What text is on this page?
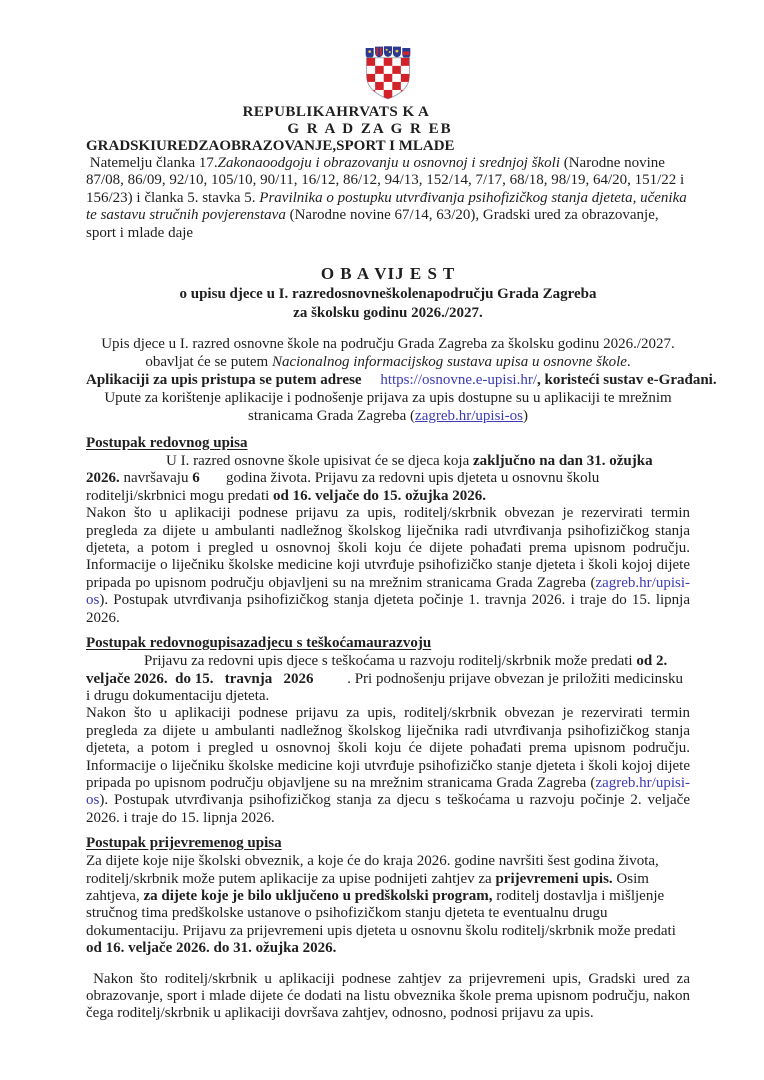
REPUBLIKAHRVATS K A
G R A D ZA G R EB
GRADSKIUREDZAOBRAZOVANJE,SPORT I MLADE

Natemelju članka 17.Zakonaoodgoju i obrazovanju u osnovnoj i srednjoj školi (Narodne novine 87/08, 86/09, 92/10, 105/10, 90/11, 16/12, 86/12, 94/13, 152/14, 7/17, 68/18, 98/19, 64/20, 151/22 i 156/23) i članka 5. stavka 5. Pravilnika o postupku utvrđivanja psihofizičkog stanja djeteta, učenika te sastavu stručnih povjerenstava (Narodne novine 67/14, 63/20), Gradski ured za obrazovanje, sport i mlade daje

O B A VIJ E S T
o upisu djece u I. razredosnovneškolenapodručju Grada Zagreba
za školsku godinu 2026./2027.
Upis djece u I. razred osnovne škole na području Grada Zagreba za školsku godinu 2026./2027.
obavljat će se putem Nacionalnog informacijskog sustava upisa u osnovne škole.
Aplikaciji za upis pristupa se putem adrese https://osnovne.e-upisi.hr/, koristeći sustav e-Građani.
Upute za korištenje aplikacije i podnošenje prijava za upis dostupne su u aplikaciji te mrežnim
stranicama Grada Zagreba (zagreb.hr/upisi-os)
Postupak redovnog upisa

U I. razred osnovne škole upisivat će se djeca koja zaključno na dan 31. ožujka 2026. navršavaju 6       godina života. Prijavu za redovni upis djeteta u osnovnu školu roditelji/skrbnici mogu predati od 16. veljače do 15. ožujka 2026.

Nakon što u aplikaciji podnese prijavu za upis, roditelj/skrbnik obvezan je rezervirati termin pregleda za dijete u ambulanti nadležnog školskog liječnika radi utvrđivanja psihofizičkog stanja djeteta, a potom i pregled u osnovnoj školi koju će dijete pohađati prema upisnom području. Informacije o liječniku školske medicine koji utvrđuje psihofizičko stanje djeteta i školi kojoj dijete pripada po upisnom području objavljeni su na mrežnim stranicama Grada Zagreba (zagreb.hr/upisi-os). Postupak utvrđivanja psihofizičkog stanja djeteta počinje 1. travnja 2026. i traje do 15. lipnja 2026.

Postupak redovnogupisazadjecu s teškoćamaurazvoju

Prijavu za redovni upis djece s teškoćama u razvoju roditelj/skrbnik može predati od 2. veljače 2026.  do 15.   travnja   2026         . Pri podnošenju prijave obvezan je priložiti medicinsku i drugu dokumentaciju djeteta.

Nakon što u aplikaciji podnese prijavu za upis, roditelj/skrbnik obvezan je rezervirati termin pregleda za dijete u ambulanti nadležnog školskog liječnika radi utvrđivanja psihofizičkog stanja djeteta, a potom i pregled u osnovnoj školi koju će dijete pohađati prema upisnom području. Informacije o liječniku školske medicine koji utvrđuje psihofizičko stanje djeteta i školi kojoj dijete pripada po upisnom području objavljene su na mrežnim stranicama Grada Zagreba (zagreb.hr/upisi-os). Postupak utvrđivanja psihofizičkog stanja za djecu s teškoćama u razvoju počinje 2. veljače 2026. i traje do 15. lipnja 2026.

Postupak prijevremenog upisa

Za dijete koje nije školski obveznik, a koje će do kraja 2026. godine navršiti šest godina života, roditelj/skrbnik može putem aplikacije za upise podnijeti zahtjev za prijevremeni upis. Osim zahtjeva, za dijete koje je bilo uključeno u predškolski program, roditelj dostavlja i mišljenje stručnog tima predškolske ustanove o psihofizičkom stanju djeteta te eventualnu drugu dokumentaciju. Prijavu za prijevremeni upis djeteta u osnovnu školu roditelj/skrbnik može predati od 16. veljače 2026. do 31. ožujka 2026.

Nakon što roditelj/skrbnik u aplikaciji podnese zahtjev za prijevremeni upis, Gradski ured za obrazovanje, sport i mlade dijete će dodati na listu obveznika škole prema upisnom području, nakon čega roditelj/skrbnik u aplikaciji dovršava zahtjev, odnosno, podnosi prijavu za upis.
